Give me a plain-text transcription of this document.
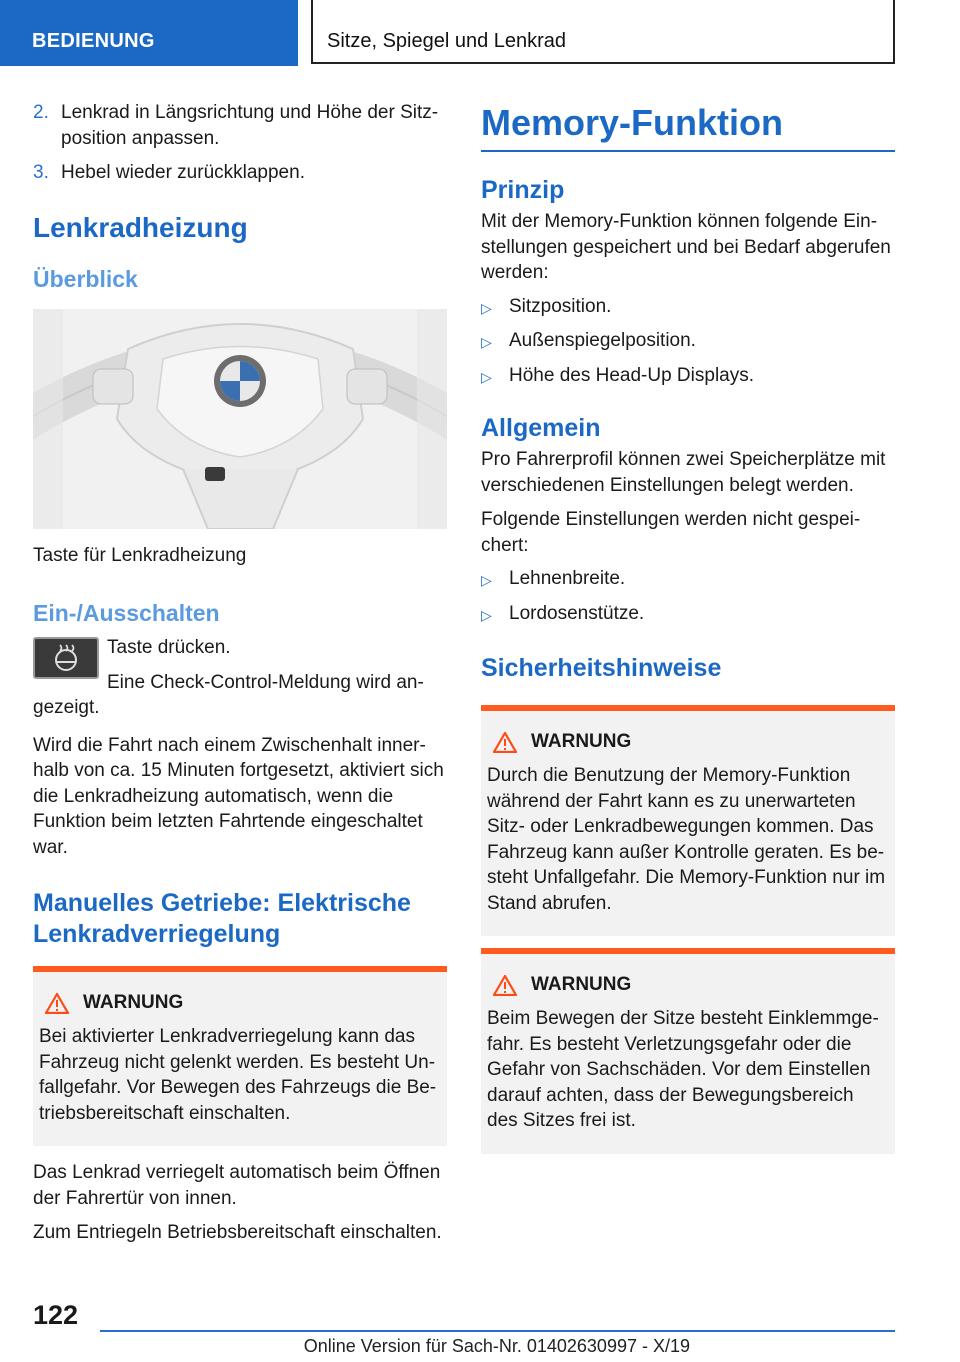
BEDIENUNG	Sitze, Spiegel und Lenkrad
2. Lenkrad in Längsrichtung und Höhe der Sitz-position anpassen.
3. Hebel wieder zurückklappen.
Lenkradheizung
Überblick

Taste für Lenkradheizung

Ein-/Ausschalten

Taste drücken.

Eine Check-Control-Meldung wird an-gezeigt.

Wird die Fahrt nach einem Zwischenhalt inner-halb von ca. 15 Minuten fortgesetzt, aktiviert sich die Lenkradheizung automatisch, wenn die Funktion beim letzten Fahrtende eingeschaltet war.

Manuelles Getriebe: Elektrische Lenkradverriegelung
WARNUNG

Bei aktivierter Lenkradverriegelung kann das Fahrzeug nicht gelenkt werden. Es besteht Un-fallgefahr. Vor Bewegen des Fahrzeugs die Be-triebsbereitschaft einschalten.

Das Lenkrad verriegelt automatisch beim Öffnen der Fahrertür von innen.

Zum Entriegeln Betriebsbereitschaft einschalten.

Memory-Funktion
Prinzip

Mit der Memory-Funktion können folgende Ein-stellungen gespeichert und bei Bedarf abgerufen werden:

▷ Sitzposition.
▷ Außenspiegelposition.
▷ Höhe des Head-Up Displays.
Allgemein

Pro Fahrerprofil können zwei Speicherplätze mit verschiedenen Einstellungen belegt werden.

Folgende Einstellungen werden nicht gespei-chert:

▷ Lehnenbreite.
▷ Lordosenstütze.
Sicherheitshinweise
WARNUNG

Durch die Benutzung der Memory-Funktion während der Fahrt kann es zu unerwarteten Sitz- oder Lenkradbewegungen kommen. Das Fahrzeug kann außer Kontrolle geraten. Es be-steht Unfallgefahr. Die Memory-Funktion nur im Stand abrufen.

WARNUNG

Beim Bewegen der Sitze besteht Einklemmge-fahr. Es besteht Verletzungsgefahr oder die Gefahr von Sachschäden. Vor dem Einstellen darauf achten, dass der Bewegungsbereich des Sitzes frei ist.

122
Online Version für Sach-Nr. 01402630997 - X/19
